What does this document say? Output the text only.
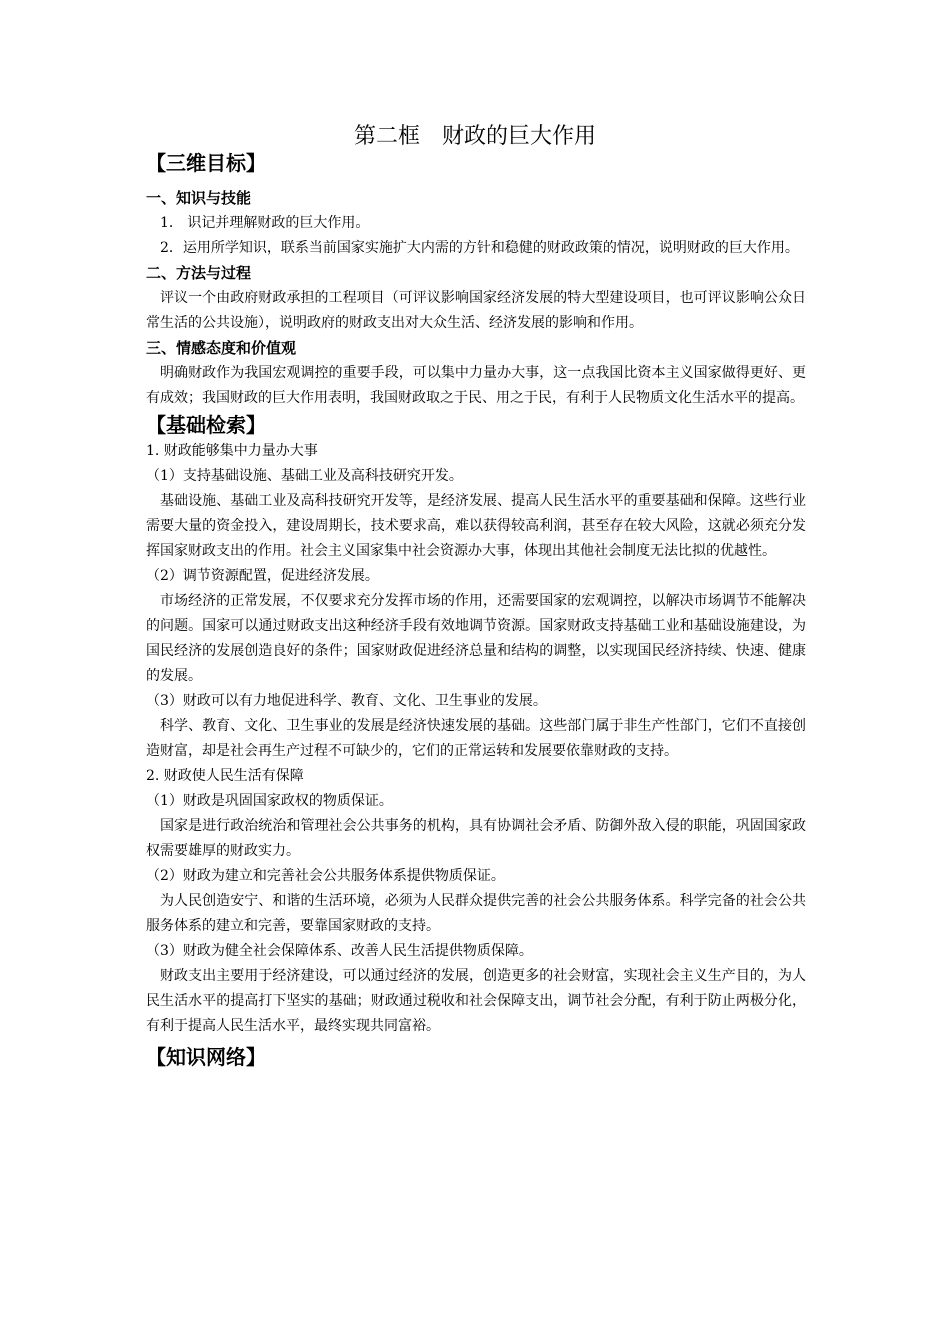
第二框　财政的巨大作用
【三维目标】
一、知识与技能

1． 识记并理解财政的巨大作用。

2．运用所学知识，联系当前国家实施扩大内需的方针和稳健的财政政策的情况，说明财政的巨大作用。

二、方法与过程

评议一个由政府财政承担的工程项目（可评议影响国家经济发展的特大型建设项目，也可评议影响公众日常生活的公共设施），说明政府的财政支出对大众生活、经济发展的影响和作用。

三、情感态度和价值观

明确财政作为我国宏观调控的重要手段，可以集中力量办大事，这一点我国比资本主义国家做得更好、更有成效；我国财政的巨大作用表明，我国财政取之于民、用之于民，有利于人民物质文化生活水平的提高。

【基础检索】

1. 财政能够集中力量办大事

（1）支持基础设施、基础工业及高科技研究开发。

基础设施、基础工业及高科技研究开发等，是经济发展、提高人民生活水平的重要基础和保障。这些行业需要大量的资金投入，建设周期长，技术要求高，难以获得较高利润，甚至存在较大风险，这就必须充分发挥国家财政支出的作用。社会主义国家集中社会资源办大事，体现出其他社会制度无法比拟的优越性。

（2）调节资源配置，促进经济发展。

市场经济的正常发展，不仅要求充分发挥市场的作用，还需要国家的宏观调控，以解决市场调节不能解决的问题。国家可以通过财政支出这种经济手段有效地调节资源。国家财政支持基础工业和基础设施建设，为国民经济的发展创造良好的条件；国家财政促进经济总量和结构的调整，以实现国民经济持续、快速、健康的发展。

（3）财政可以有力地促进科学、教育、文化、卫生事业的发展。

科学、教育、文化、卫生事业的发展是经济快速发展的基础。这些部门属于非生产性部门，它们不直接创造财富，却是社会再生产过程不可缺少的，它们的正常运转和发展要依靠财政的支持。

2. 财政使人民生活有保障

（1）财政是巩固国家政权的物质保证。

国家是进行政治统治和管理社会公共事务的机构，具有协调社会矛盾、防御外敌入侵的职能，巩固国家政权需要雄厚的财政实力。

（2）财政为建立和完善社会公共服务体系提供物质保证。

为人民创造安宁、和谐的生活环境，必须为人民群众提供完善的社会公共服务体系。科学完备的社会公共服务体系的建立和完善，要靠国家财政的支持。

（3）财政为健全社会保障体系、改善人民生活提供物质保障。

财政支出主要用于经济建设，可以通过经济的发展，创造更多的社会财富，实现社会主义生产目的，为人民生活水平的提高打下坚实的基础；财政通过税收和社会保障支出，调节社会分配，有利于防止两极分化，有利于提高人民生活水平，最终实现共同富裕。

【知识网络】
